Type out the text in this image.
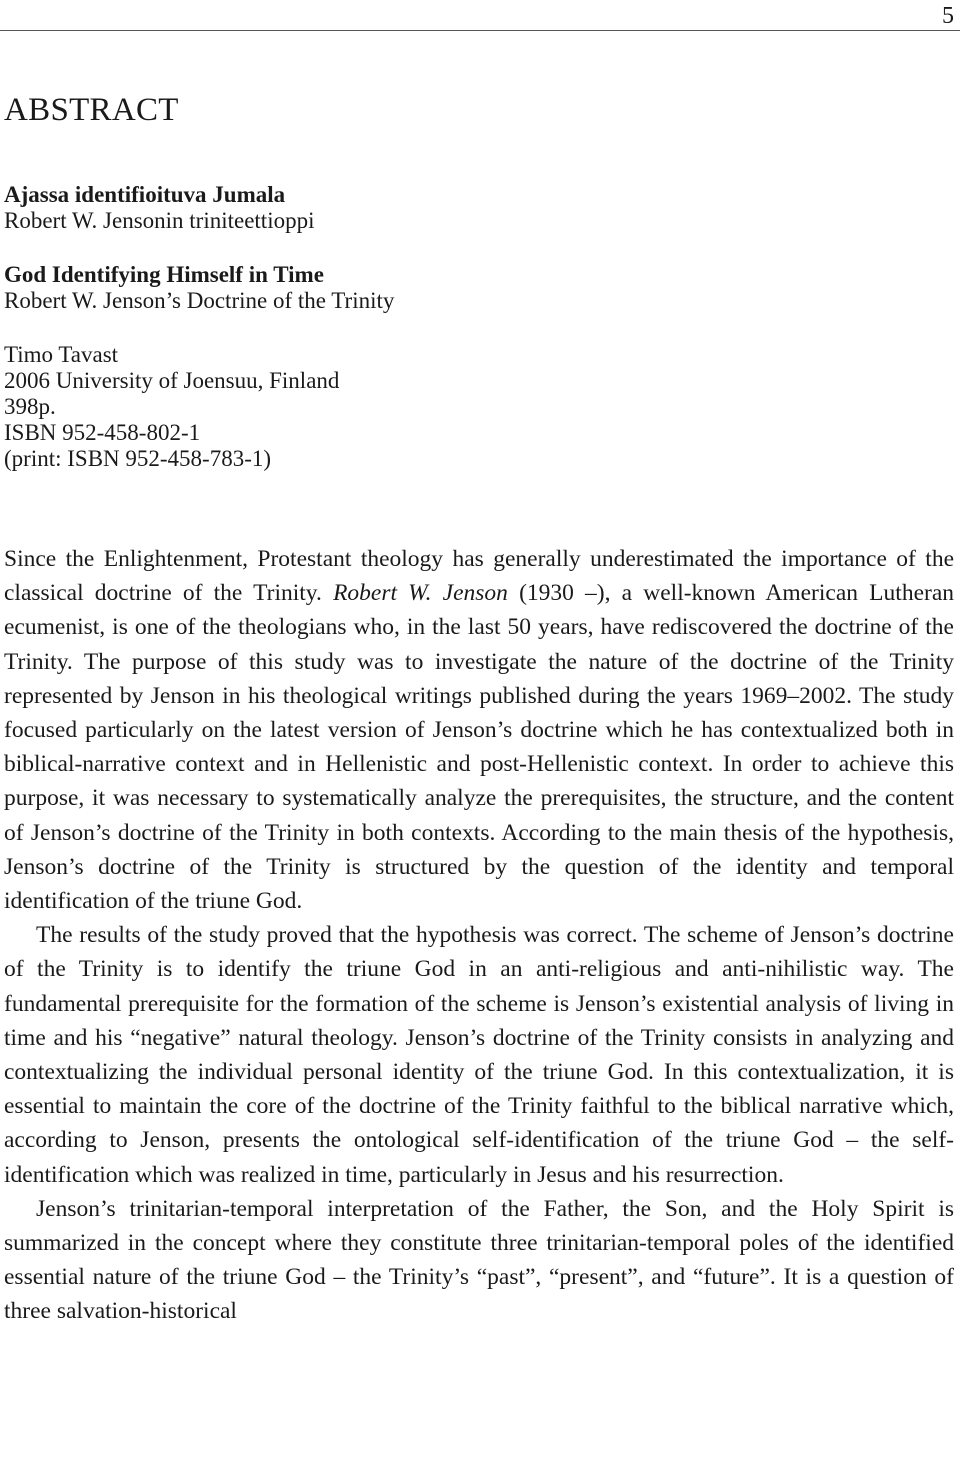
5
ABSTRACT
Ajassa identifioituva Jumala
Robert W. Jensonin triniteettioppi
God Identifying Himself in Time
Robert W. Jenson’s Doctrine of the Trinity
Timo Tavast
2006 University of Joensuu, Finland
398p.
ISBN 952-458-802-1
(print: ISBN 952-458-783-1)

Since the Enlightenment, Protestant theology has generally underestimated the importance of the classical doctrine of the Trinity. Robert W. Jenson (1930 –), a well-known American Lutheran ecumenist, is one of the theologians who, in the last 50 years, have rediscovered the doctrine of the Trinity. The purpose of this study was to investigate the nature of the doctrine of the Trinity represented by Jenson in his theological writings published during the years 1969–2002. The study focused particularly on the latest version of Jenson’s doctrine which he has contextualized both in biblical-narrative context and in Hellenistic and post-Hellenistic context. In order to achieve this purpose, it was necessary to systematically analyze the prerequisites, the structure, and the content of Jenson’s doctrine of the Trinity in both contexts. According to the main thesis of the hypothesis, Jenson’s doctrine of the Trinity is structured by the question of the identity and temporal identification of the triune God.

The results of the study proved that the hypothesis was correct. The scheme of Jenson’s doctrine of the Trinity is to identify the triune God in an anti-religious and anti-nihilistic way. The fundamental prerequisite for the formation of the scheme is Jenson’s existential analysis of living in time and his “negative” natural theology. Jenson’s doctrine of the Trinity consists in analyzing and contextualizing the individual personal identity of the triune God. In this contextualization, it is essential to maintain the core of the doctrine of the Trinity faithful to the biblical narrative which, according to Jenson, presents the ontological self-identification of the triune God – the self-identification which was realized in time, particularly in Jesus and his resurrection.

Jenson’s trinitarian-temporal interpretation of the Father, the Son, and the Holy Spirit is summarized in the concept where they constitute three trinitarian-temporal poles of the identified essential nature of the triune God – the Trinity’s “past”, “present”, and “future”. It is a question of three salvation-historical
